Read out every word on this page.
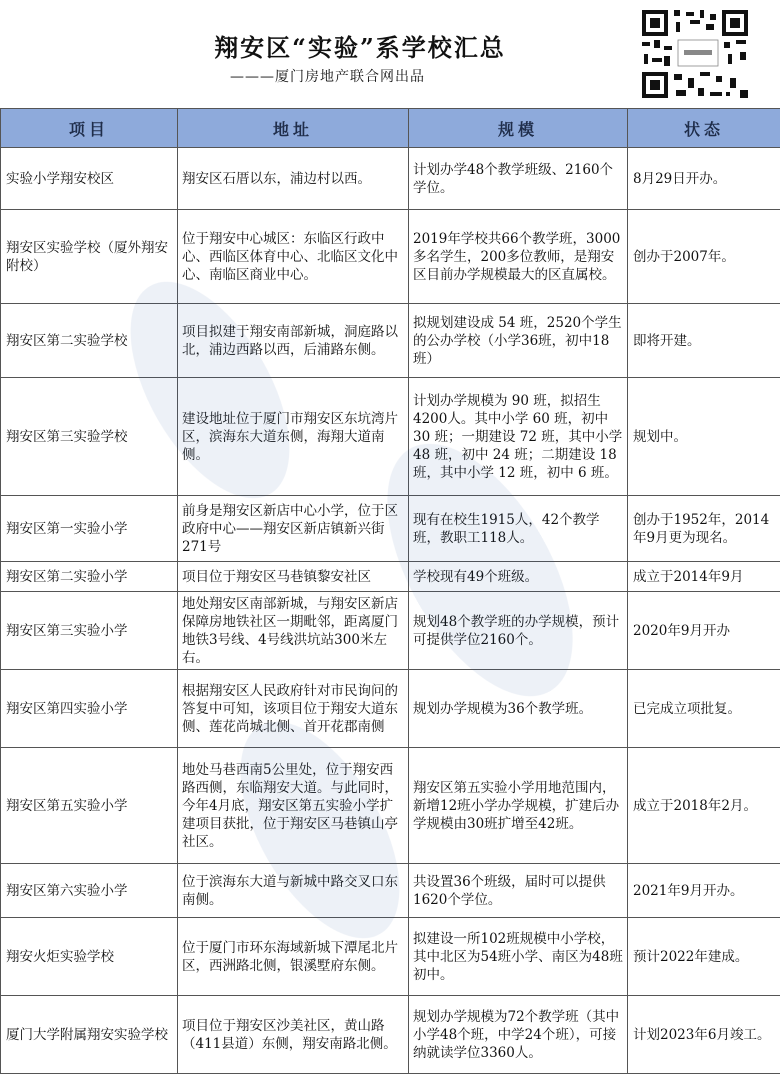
翔安区“实验”系学校汇总
———厦门房地产联合网出品
项目	地址	规模	状态
实验小学翔安校区	翔安区石厝以东，浦边村以西。	计划办学48个教学班级、2160个学位。	8月29日开办。
翔安区实验学校（厦外翔安附校）	位于翔安中心城区：东临区行政中心、西临区体育中心、北临区文化中心、南临区商业中心。	2019年学校共66个教学班，3000多名学生，200多位教师，是翔安区目前办学规模最大的区直属校。	创办于2007年。
翔安区第二实验学校	项目拟建于翔安南部新城，洞庭路以北，浦边西路以西，后浦路东侧。	拟规划建设成 54 班，2520个学生的公办学校（小学36班，初中18班）	即将开建。
翔安区第三实验学校	建设地址位于厦门市翔安区东坑湾片区，滨海东大道东侧，海翔大道南侧。	计划办学规模为 90 班，拟招生4200人。其中小学 60 班，初中 30 班；一期建设 72 班，其中小学 48 班，初中 24 班；二期建设 18 班，其中小学 12 班，初中 6 班。	规划中。
翔安区第一实验小学	前身是翔安区新店中心小学，位于区政府中心——翔安区新店镇新兴街271号	现有在校生1915人，42个教学班，教职工118人。	创办于1952年，2014年9月更为现名。
翔安区第二实验小学	项目位于翔安区马巷镇黎安社区	学校现有49个班级。	成立于2014年9月
翔安区第三实验小学	地处翔安区南部新城，与翔安区新店保障房地铁社区一期毗邻，距离厦门地铁3号线、4号线洪坑站300米左右。	规划48个教学班的办学规模，预计可提供学位2160个。	2020年9月开办
翔安区第四实验小学	根据翔安区人民政府针对市民询问的答复中可知，该项目位于翔安大道东侧、莲花尚城北侧、首开花郡南侧	规划办学规模为36个教学班。	已完成立项批复。
翔安区第五实验小学	地处马巷西南5公里处，位于翔安西路西侧，东临翔安大道。与此同时，今年4月底，翔安区第五实验小学扩建项目获批，位于翔安区马巷镇山亭社区。	翔安区第五实验小学用地范围内，新增12班小学办学规模，扩建后办学规模由30班扩增至42班。	成立于2018年2月。
翔安区第六实验小学	位于滨海东大道与新城中路交叉口东南侧。	共设置36个班级，届时可以提供1620个学位。	2021年9月开办。
翔安火炬实验学校	位于厦门市环东海域新城下潭尾北片区，西洲路北侧，银溪墅府东侧。	拟建设一所102班规模中小学校，其中北区为54班小学、南区为48班初中。	预计2022年建成。
厦门大学附属翔安实验学校	项目位于翔安区沙美社区，黄山路（411县道）东侧，翔安南路北侧。	规划办学规模为72个教学班（其中小学48个班，中学24个班），可接纳就读学位3360人。	计划2023年6月竣工。
